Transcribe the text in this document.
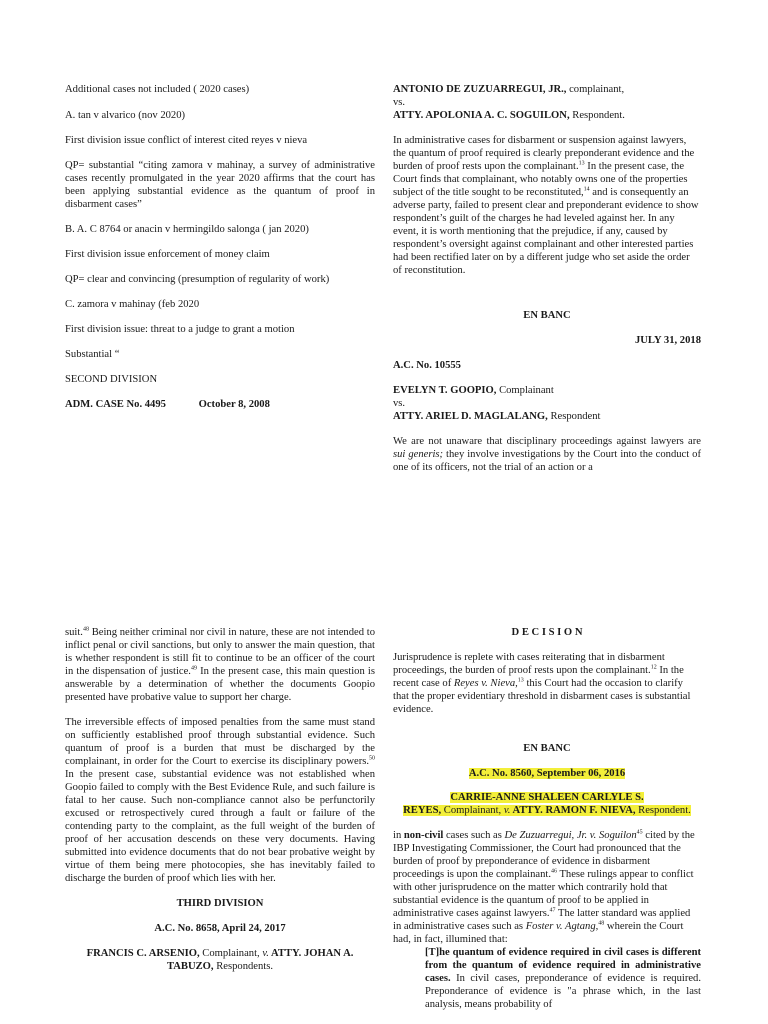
Additional cases not included ( 2020 cases)

A. tan v alvarico (nov 2020)

First division issue conflict of interest cited reyes v nieva

QP= substantial “citing zamora v mahinay, a survey of administrative cases recently promulgated in the year 2020 affirms that the court has been applying substantial evidence as the quantum of proof in disbarment cases”

B. A. C 8764 or anacin v hermingildo salonga ( jan 2020)

First division issue enforcement of money claim

QP= clear and convincing (presumption of regularity of work)

C. zamora v mahinay (feb 2020

First division issue: threat to a judge to grant a motion

Substantial “

SECOND DIVISION

ADM. CASE No. 4495	October 8, 2008

ANTONIO DE ZUZUARREGUI, JR., complainant,

vs.

ATTY. APOLONIA A. C. SOGUILON, Respondent.

In administrative cases for disbarment or suspension against lawyers, the quantum of proof required is clearly preponderant evidence and the burden of proof rests upon the complainant.$^{13}$ In the present case, the Court finds that complainant, who notably owns one of the properties subject of the title sought to be reconstituted,$^{14}$ and is consequently an adverse party, failed to present clear and preponderant evidence to show respondent’s guilt of the charges he had leveled against her. In any event, it is worth mentioning that the prejudice, if any, caused by respondent’s oversight against complainant and other interested parties had been rectified later on by a different judge who set aside the order of reconstitution.

EN BANC

JULY 31, 2018

A.C. No. 10555

EVELYN T. GOOPIO, Complainant

vs.

ATTY. ARIEL D. MAGLALANG, Respondent

We are not unaware that disciplinary proceedings against lawyers are sui generis; they involve investigations by the Court into the conduct of one of its officers, not the trial of an action or a

suit.$^{48}$ Being neither criminal nor civil in nature, these are not intended to inflict penal or civil sanctions, but only to answer the main question, that is whether respondent is still fit to continue to be an officer of the court in the dispensation of justice.$^{49}$ In the present case, this main question is answerable by a determination of whether the documents Goopio presented have probative value to support her charge.

The irreversible effects of imposed penalties from the same must stand on sufficiently established proof through substantial evidence. Such quantum of proof is a burden that must be discharged by the complainant, in order for the Court to exercise its disciplinary powers.$^{50}$ In the present case, substantial evidence was not established when Goopio failed to comply with the Best Evidence Rule, and such failure is fatal to her cause. Such non-compliance cannot also be perfunctorily excused or retrospectively cured through a fault or failure of the contending party to the complaint, as the full weight of the burden of proof of her accusation descends on these very documents. Having submitted into evidence documents that do not bear probative weight by virtue of them being mere photocopies, she has inevitably failed to discharge the burden of proof which lies with her.

THIRD DIVISION

A.C. No. 8658, April 24, 2017

FRANCIS C. ARSENIO, Complainant, v. ATTY. JOHAN A. TABUZO, Respondents.

D E C I S I O N

Jurisprudence is replete with cases reiterating that in disbarment proceedings, the burden of proof rests upon the complainant.$^{12}$ In the recent case of Reyes v. Nieva,$^{13}$ this Court had the occasion to clarify that the proper evidentiary threshold in disbarment cases is substantial evidence.

EN BANC

A.C. No. 8560, September 06, 2016

CARRIE-ANNE SHALEEN CARLYLE S.
REYES, Complainant, v. ATTY. RAMON F. NIEVA, Respondent.

in non-civil cases such as De Zuzuarregui, Jr. v. Soguilon$^{45}$ cited by the IBP Investigating Commissioner, the Court had pronounced that the burden of proof by preponderance of evidence in disbarment proceedings is upon the complainant.$^{46}$ These rulings appear to conflict with other jurisprudence on the matter which contrarily hold that substantial evidence is the quantum of proof to be applied in administrative cases against lawyers.$^{47}$ The latter standard was applied in administrative cases such as Foster v. Agtang,$^{48}$ wherein the Court had, in fact, illumined that:

[T]he quantum of evidence required in civil cases is different from the quantum of evidence required in administrative cases. In civil cases, preponderance of evidence is required. Preponderance of evidence is "a phrase which, in the last analysis, means probability of
